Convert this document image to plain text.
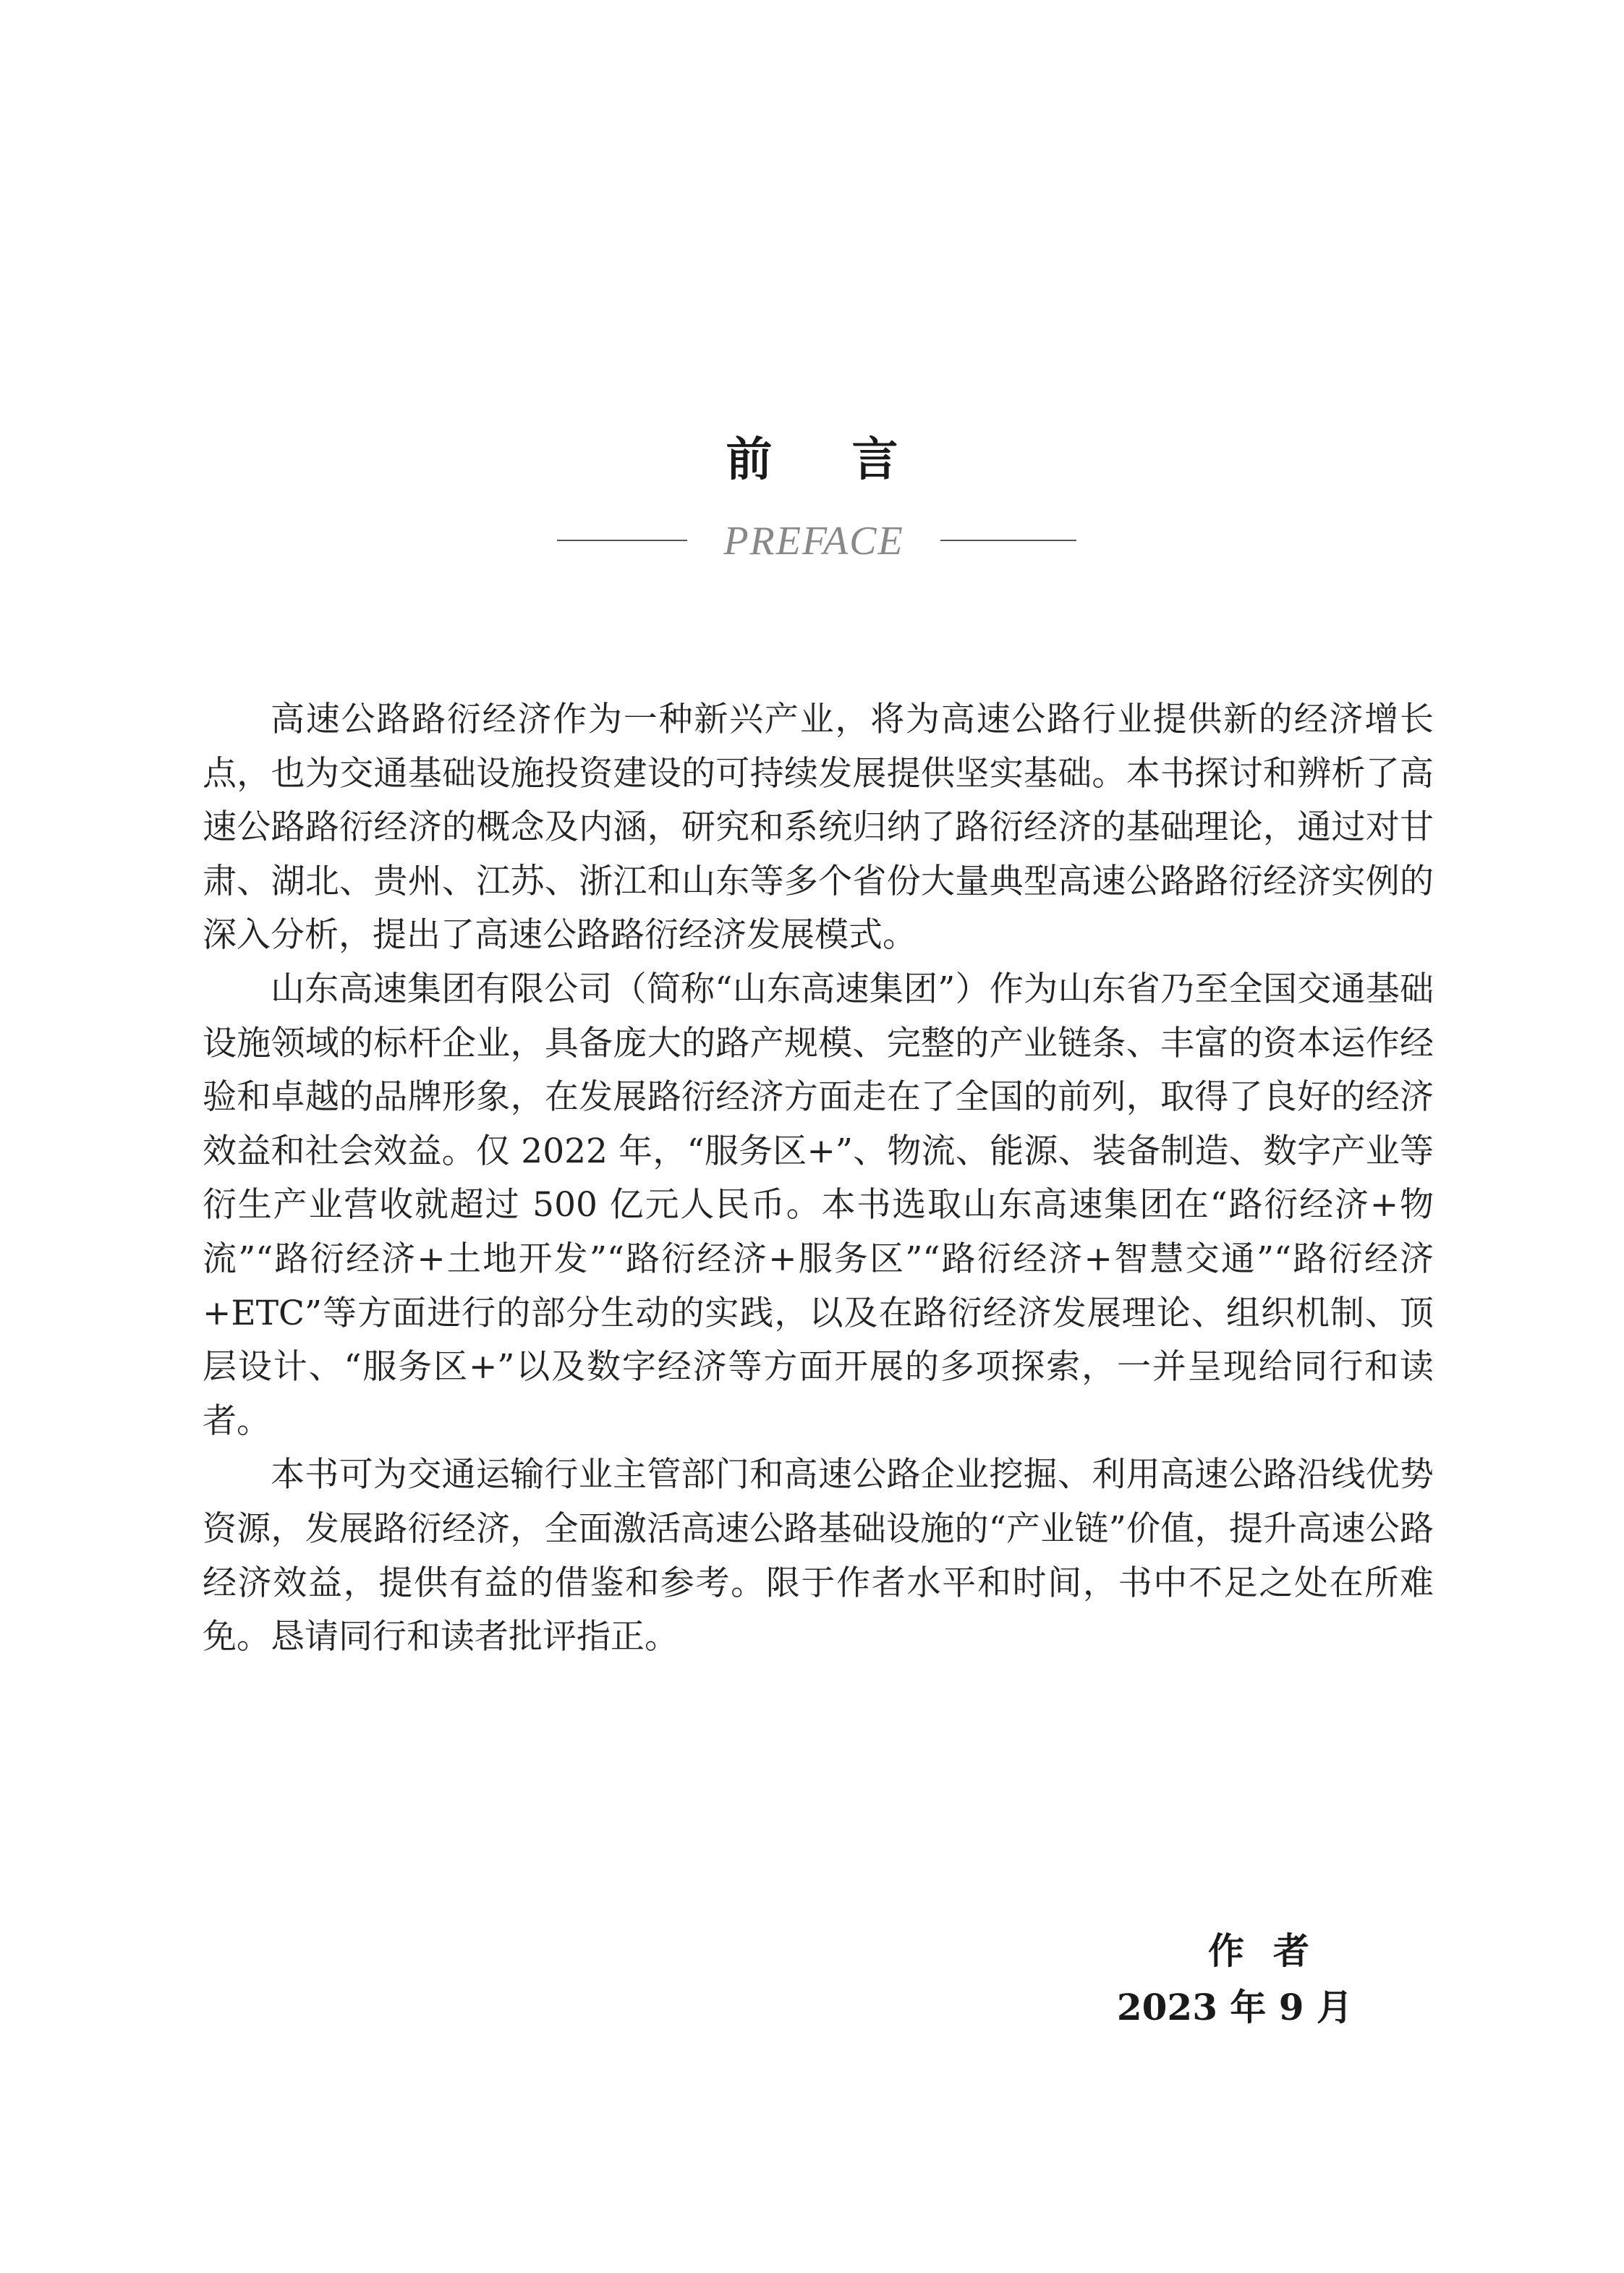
前言
PREFACE

高速公路路衍经济作为一种新兴产业，将为高速公路行业提供新的经济增长点，也为交通基础设施投资建设的可持续发展提供坚实基础。本书探讨和辨析了高速公路路衍经济的概念及内涵，研究和系统归纳了路衍经济的基础理论，通过对甘肃、湖北、贵州、江苏、浙江和山东等多个省份大量典型高速公路路衍经济实例的深入分析，提出了高速公路路衍经济发展模式。

山东高速集团有限公司（简称“山东高速集团”）作为山东省乃至全国交通基础设施领域的标杆企业，具备庞大的路产规模、完整的产业链条、丰富的资本运作经验和卓越的品牌形象，在发展路衍经济方面走在了全国的前列，取得了良好的经济效益和社会效益。仅 2022 年，“服务区+”、物流、能源、装备制造、数字产业等衍生产业营收就超过 500 亿元人民币。本书选取山东高速集团在“路衍经济+物流”“路衍经济+土地开发”“路衍经济+服务区”“路衍经济+智慧交通”“路衍经济+ETC”等方面进行的部分生动的实践，以及在路衍经济发展理论、组织机制、顶层设计、“服务区+”以及数字经济等方面开展的多项探索，一并呈现给同行和读者。

本书可为交通运输行业主管部门和高速公路企业挖掘、利用高速公路沿线优势资源，发展路衍经济，全面激活高速公路基础设施的“产业链”价值，提升高速公路经济效益，提供有益的借鉴和参考。限于作者水平和时间，书中不足之处在所难免。恳请同行和读者批评指正。

作者
2023 年 9 月
